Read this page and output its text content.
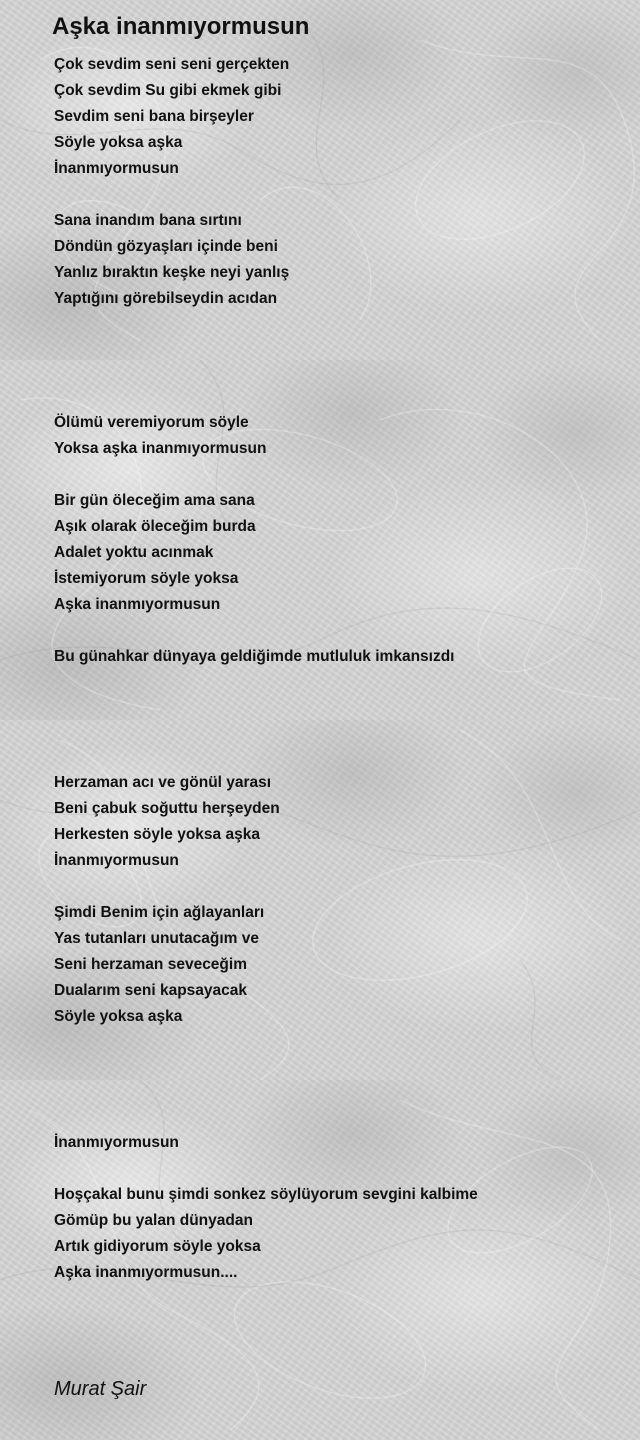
Aşka inanmıyormusun
Çok sevdim seni seni gerçekten
Çok sevdim Su gibi ekmek gibi
Sevdim seni bana birşeyler
Söyle yoksa aşka
İnanmıyormusun
Sana inandım bana sırtını
Döndün gözyaşları içinde beni
Yanlız bıraktın keşke neyi yanlış
Yaptığını görebilseydin acıdan
Ölümü veremiyorum söyle
Yoksa aşka inanmıyormusun
Bir gün öleceğim ama sana
Aşık olarak öleceğim burda
Adalet yoktu acınmak
İstemiyorum söyle yoksa
Aşka inanmıyormusun
Bu günahkar dünyaya geldiğimde mutluluk imkansızdı
Herzaman acı ve gönül yarası
Beni çabuk soğuttu herşeyden
Herkesten söyle yoksa aşka
İnanmıyormusun
Şimdi Benim için ağlayanları
Yas tutanları unutacağım ve
Seni herzaman seveceğim
Dualarım seni kapsayacak
Söyle yoksa aşka
İnanmıyormusun
Hoşçakal bunu şimdi sonkez söylüyorum sevgini kalbime
Gömüp bu yalan dünyadan
Artık gidiyorum söyle yoksa
Aşka inanmıyormusun....
Murat Şair
